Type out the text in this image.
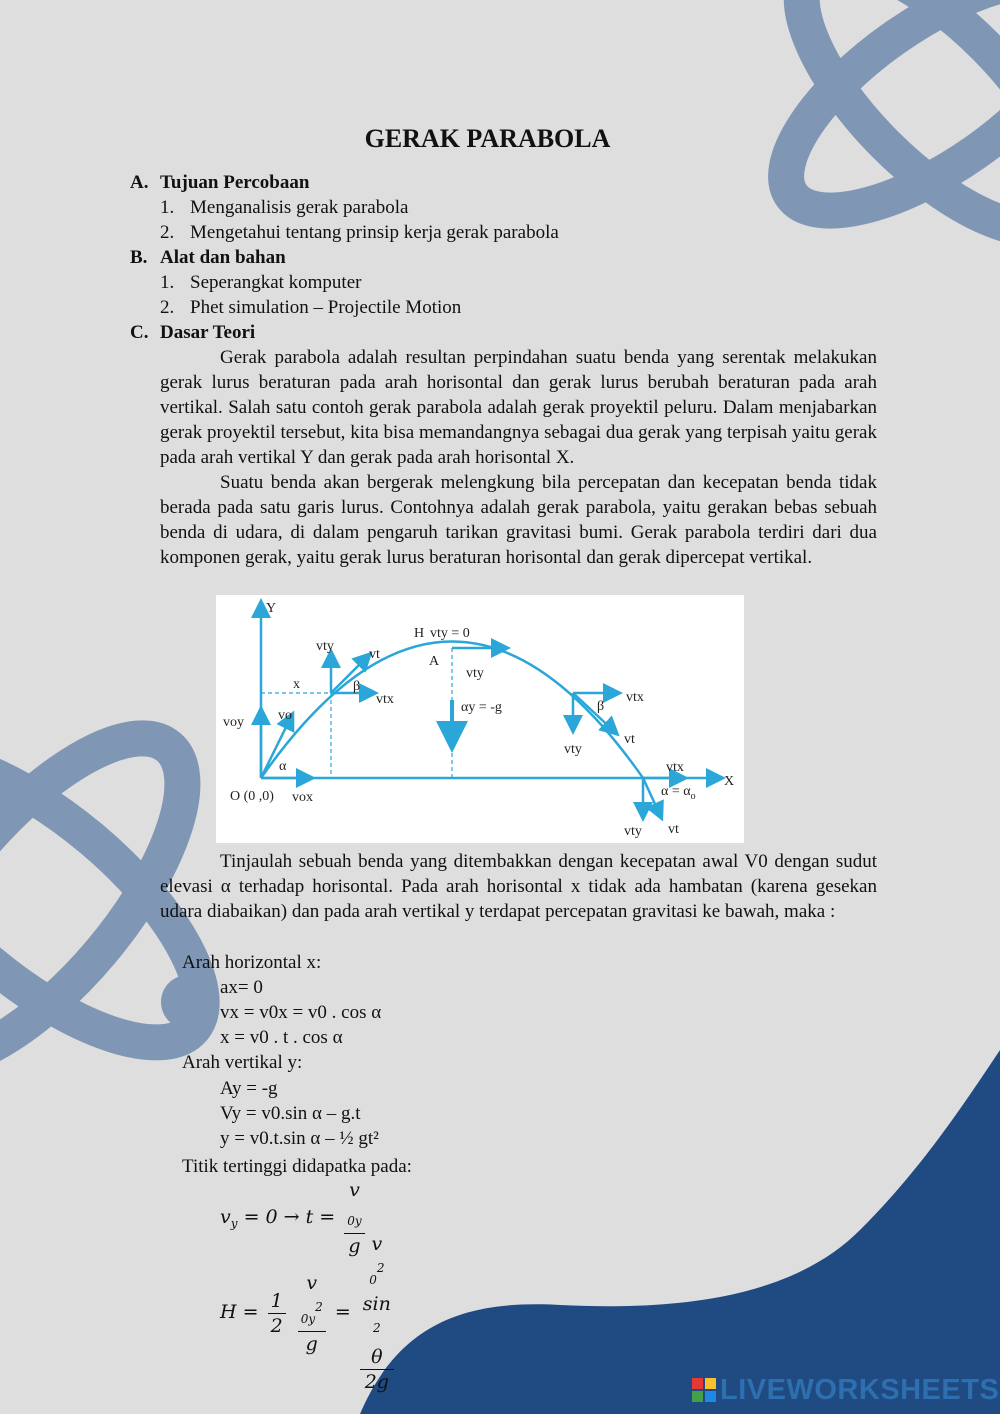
GERAK PARABOLA
A. Tujuan Percobaan
1. Menganalisis gerak parabola
2. Mengetahui tentang prinsip kerja gerak parabola
B. Alat dan bahan
1. Seperangkat komputer
2. Phet simulation – Projectile Motion
C. Dasar Teori
Gerak parabola adalah resultan perpindahan suatu benda yang serentak melakukan gerak lurus beraturan pada arah horisontal dan gerak lurus berubah beraturan pada arah vertikal. Salah satu contoh gerak parabola adalah gerak proyektil peluru. Dalam menjabarkan gerak proyektil tersebut, kita bisa memandangnya sebagai dua gerak yang terpisah yaitu gerak pada arah vertikal Y dan gerak pada arah horisontal X.
Suatu benda akan bergerak melengkung bila percepatan dan kecepatan benda tidak berada pada satu garis lurus. Contohnya adalah gerak parabola, yaitu gerakan bebas sebuah benda di udara, di dalam pengaruh tarikan gravitasi bumi. Gerak parabola terdiri dari dua komponen gerak, yaitu gerak lurus beraturan horisontal dan gerak dipercepat vertikal.
Y
X
O (0 ,0)
vo
voy
vox
α
x
vty
vt
vtx
β
H vty = 0
A
vty
αy = -g
vtx
β
vt
vty
vtx
$\alpha = \alpha_o$
vty vt
Tinjaulah sebuah benda yang ditembakkan dengan kecepatan awal V0 dengan sudut elevasi α terhadap horisontal. Pada arah horisontal x tidak ada hambatan (karena gesekan udara diabaikan) dan pada arah vertikal y terdapat percepatan gravitasi ke bawah, maka :
Arah horizontal x:
ax= 0
vx = v0x = v0 . cos α
x = v0 . t . cos α
Arah vertikal y:
Ay = -g
Vy = v0.sin α – g.t
y = v0.t.sin α – ½ gt²
Titik tertinggi didapatka pada:
$v_y = 0 \to t = v$
$_{0y}$
g
$H = \frac{1}{2}$
v
$_{0y}^2$
g = v
$_0^2$
sin
$^2$
θ
2g	LIVEWORKSHEETS
